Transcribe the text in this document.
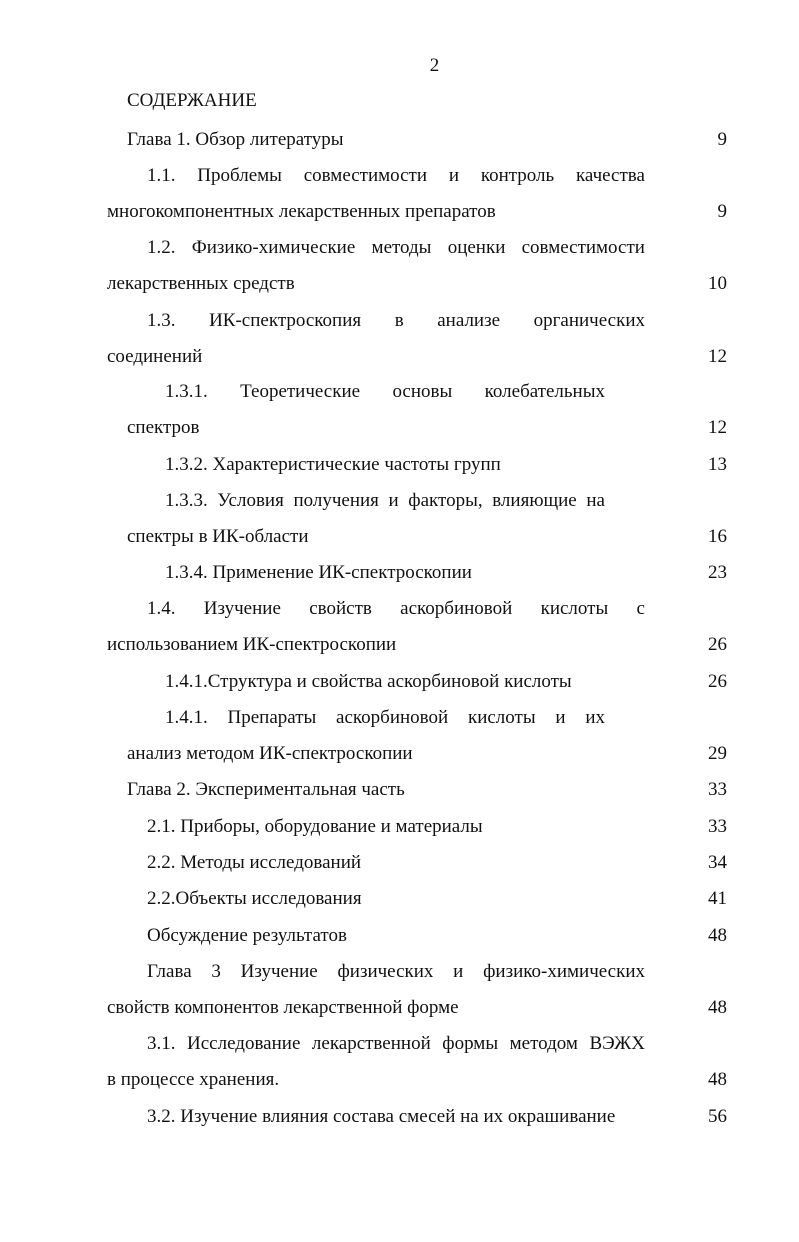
2
СОДЕРЖАНИЕ
Глава 1. Обзор литературы	9
1.1. Проблемы совместимости и контроль качества
многокомпонентных лекарственных препаратов	9
1.2. Физико-химические методы оценки совместимости
лекарственных средств	10
1.3. ИК-спектроскопия в анализе органических
соединений	12
1.3.1. Теоретические основы колебательных
спектров	12
1.3.2. Характеристические частоты групп	13
1.3.3. Условия получения и факторы, влияющие на
спектры в ИК-области	16
1.3.4. Применение ИК-спектроскопии	23
1.4. Изучение свойств аскорбиновой кислоты с
использованием ИК-спектроскопии	26
1.4.1.Структура и свойства аскорбиновой кислоты	26
1.4.1. Препараты аскорбиновой кислоты и их
анализ методом ИК-спектроскопии	29
Глава 2. Экспериментальная часть	33
2.1. Приборы, оборудование и материалы	33
2.2. Методы исследований	34
2.2.Объекты исследования	41
Обсуждение результатов	48
Глава 3 Изучение физических и физико-химических
свойств компонентов лекарственной форме	48
3.1. Исследование лекарственной формы методом ВЭЖХ
в процессе хранения.	48
3.2. Изучение влияния состава смесей на их окрашивание	56
